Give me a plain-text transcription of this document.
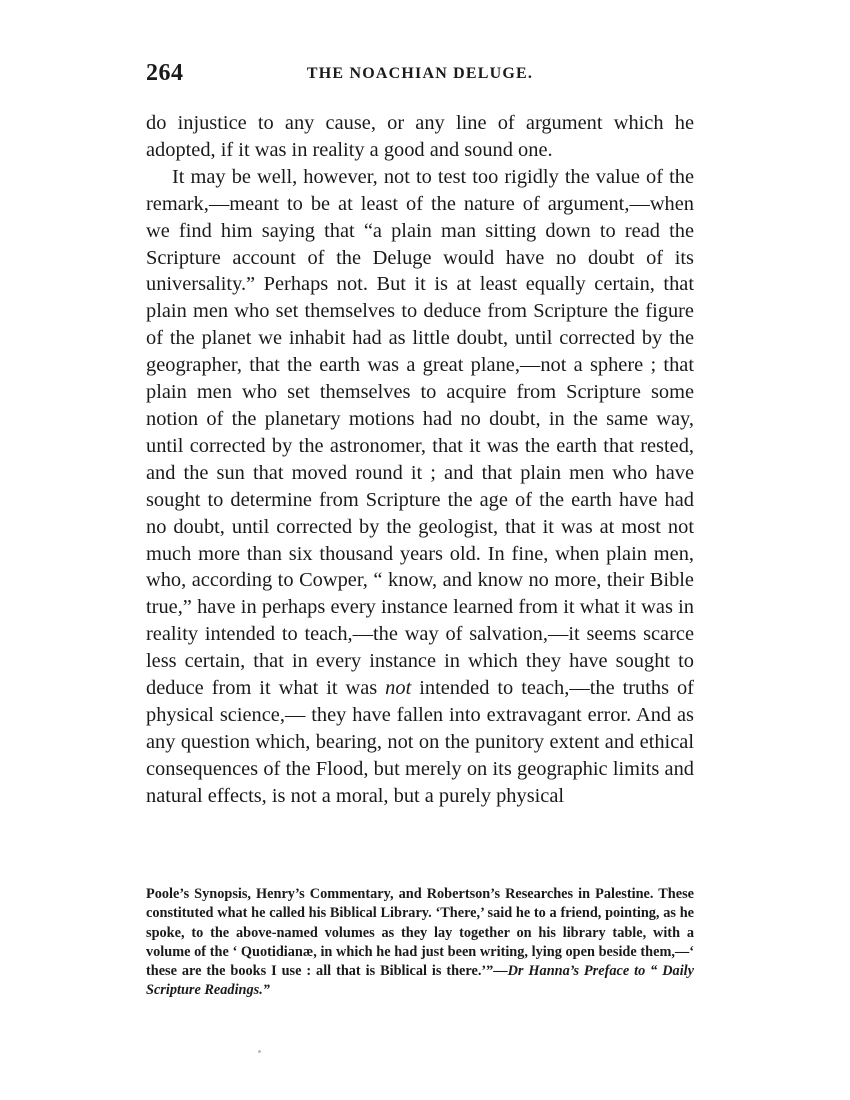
264	THE NOACHIAN DELUGE.

do injustice to any cause, or any line of argument which he adopted, if it was in reality a good and sound one.

It may be well, however, not to test too rigidly the value of the remark,—meant to be at least of the nature of argument,—when we find him saying that “a plain man sitting down to read the Scripture account of the Deluge would have no doubt of its universality.” Perhaps not. But it is at least equally certain, that plain men who set themselves to deduce from Scripture the figure of the planet we inhabit had as little doubt, until corrected by the geographer, that the earth was a great plane,—not a sphere ; that plain men who set themselves to acquire from Scripture some notion of the planetary motions had no doubt, in the same way, until corrected by the astronomer, that it was the earth that rested, and the sun that moved round it ; and that plain men who have sought to determine from Scripture the age of the earth have had no doubt, until corrected by the geologist, that it was at most not much more than six thousand years old. In fine, when plain men, who, according to Cowper, “ know, and know no more, their Bible true,” have in perhaps every instance learned from it what it was in reality intended to teach,—the way of salvation,—it seems scarce less certain, that in every instance in which they have sought to deduce from it what it was not intended to teach,—the truths of physical science,— they have fallen into extravagant error. And as any question which, bearing, not on the punitory extent and ethical consequences of the Flood, but merely on its geographic limits and natural effects, is not a moral, but a purely physical

Poole’s Synopsis, Henry’s Commentary, and Robertson’s Researches in Palestine. These constituted what he called his Biblical Library. ‘There,’ said he to a friend, pointing, as he spoke, to the above-named volumes as they lay together on his library table, with a volume of the ‘ Quotidianæ, in which he had just been writing, lying open beside them,—‘ these are the books I use : all that is Biblical is there.’”—Dr Hanna’s Preface to “ Daily Scripture Readings.”
